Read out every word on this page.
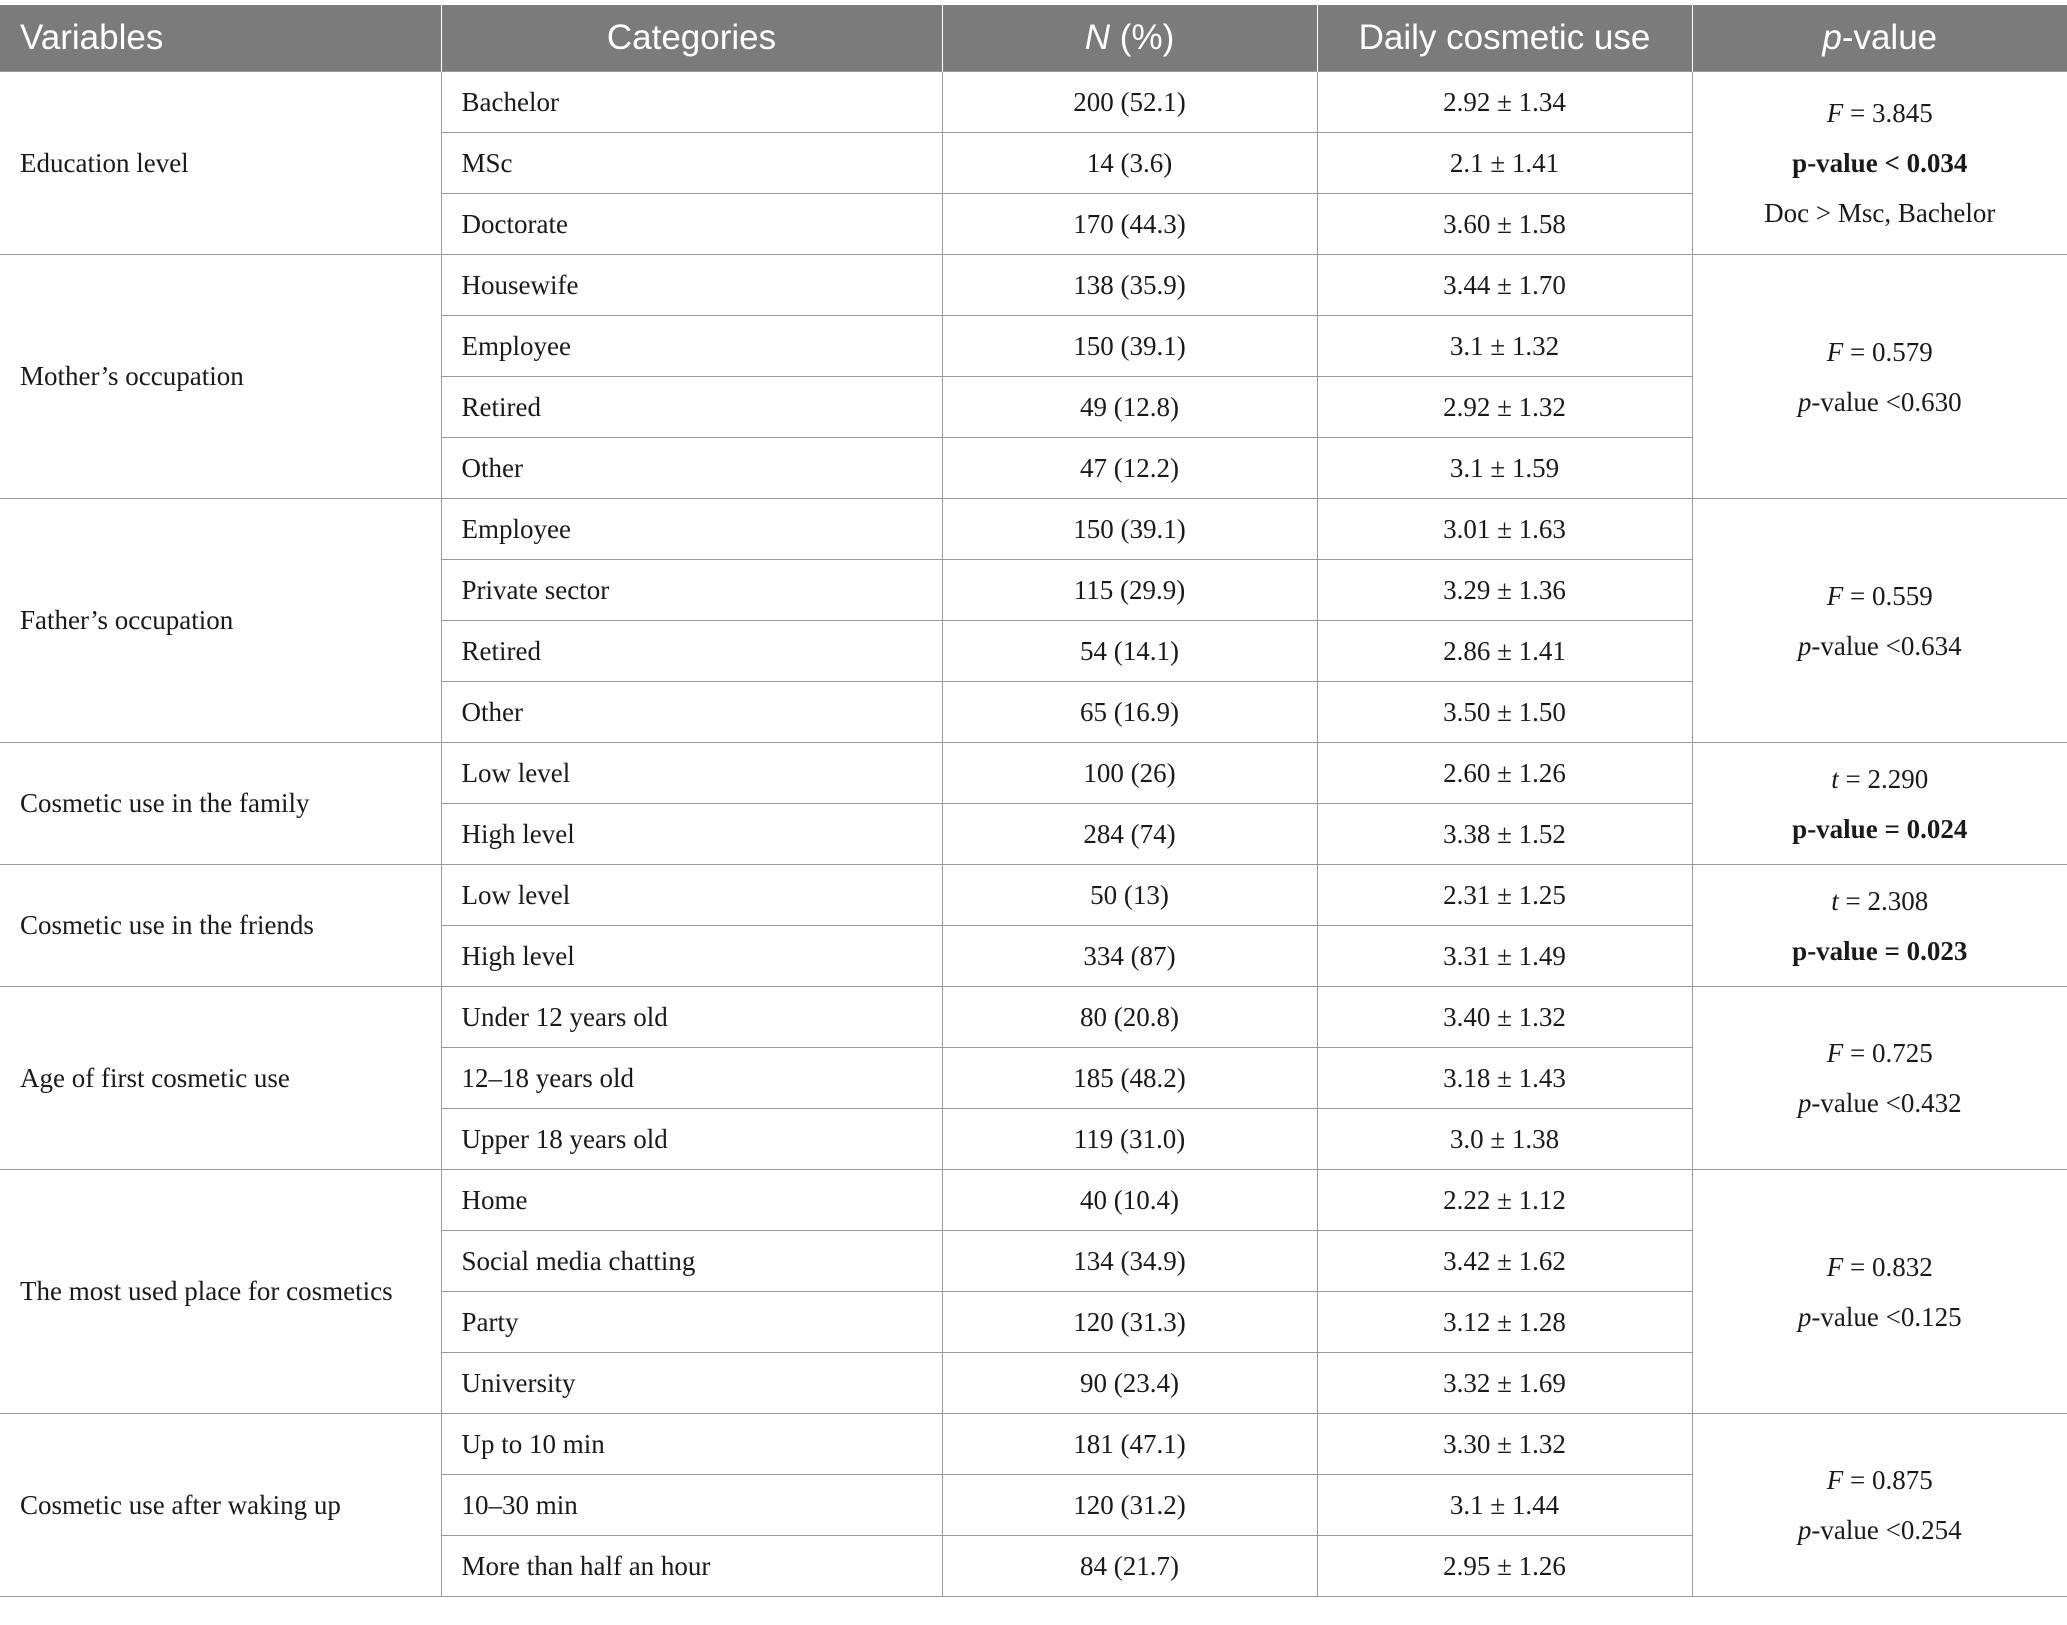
Variables	Categories	N (%)	Daily cosmetic use	p-value
Education level	Bachelor	200 (52.1)	2.92 ± 1.34	F = 3.845
p-value < 0.034
Doc > Msc, Bachelor

	MSc	14 (3.6)	2.1 ± 1.41	
	Doctorate	170 (44.3)	3.60 ± 1.58	
Mother’s occupation	Housewife	138 (35.9)	3.44 ± 1.70	F = 0.579
p-value <0.630

	Employee	150 (39.1)	3.1 ± 1.32	
	Retired	49 (12.8)	2.92 ± 1.32	
	Other	47 (12.2)	3.1 ± 1.59	
Father’s occupation	Employee	150 (39.1)	3.01 ± 1.63	F = 0.559
p-value <0.634

	Private sector	115 (29.9)	3.29 ± 1.36	
	Retired	54 (14.1)	2.86 ± 1.41	
	Other	65 (16.9)	3.50 ± 1.50	
Cosmetic use in the family	Low level	100 (26)	2.60 ± 1.26	t = 2.290
p-value = 0.024

	High level	284 (74)	3.38 ± 1.52	
Cosmetic use in the friends	Low level	50 (13)	2.31 ± 1.25	t = 2.308
p-value = 0.023

	High level	334 (87)	3.31 ± 1.49	
Age of first cosmetic use	Under 12 years old	80 (20.8)	3.40 ± 1.32	F = 0.725
p-value <0.432

	12–18 years old	185 (48.2)	3.18 ± 1.43	
	Upper 18 years old	119 (31.0)	3.0 ± 1.38	
The most used place for cosmetics	Home	40 (10.4)	2.22 ± 1.12	F = 0.832
p-value <0.125

	Social media chatting	134 (34.9)	3.42 ± 1.62	
	Party	120 (31.3)	3.12 ± 1.28	
	University	90 (23.4)	3.32 ± 1.69	
Cosmetic use after waking up	Up to 10 min	181 (47.1)	3.30 ± 1.32	F = 0.875
p-value <0.254

	10–30 min	120 (31.2)	3.1 ± 1.44	
	More than half an hour	84 (21.7)	2.95 ± 1.26	
